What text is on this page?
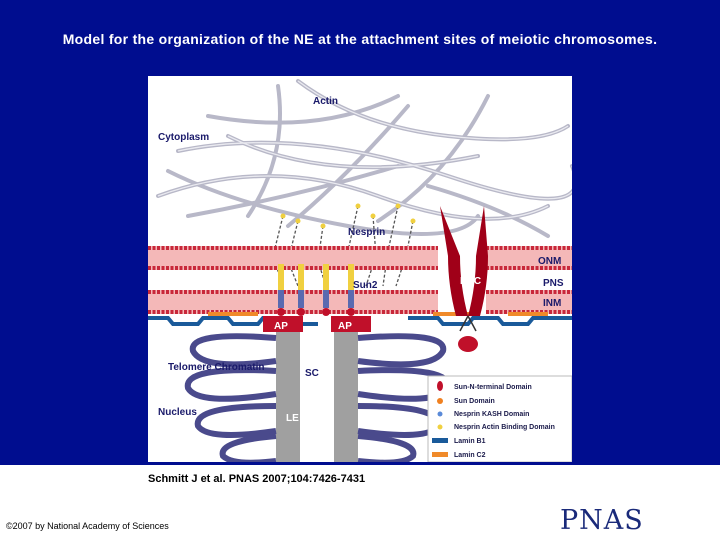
Model for the organization of the NE at the attachment sites of meiotic chromosomes.
Sun-N-terminal Domain
Sun Domain
Nesprin KASH Domain
Nesprin Actin Binding Domain
Lamin B1
Lamin C2
Actin
Cytoplasm
Nesprin
ONM
NPC	PNS
INM
Sun2
AP	AP
Telomere Chromatin
SC
Nucleus
LE LE
CE
Schmitt J et al. PNAS 2007;104:7426-7431
©2007 by National Academy of Sciences	PNAS
